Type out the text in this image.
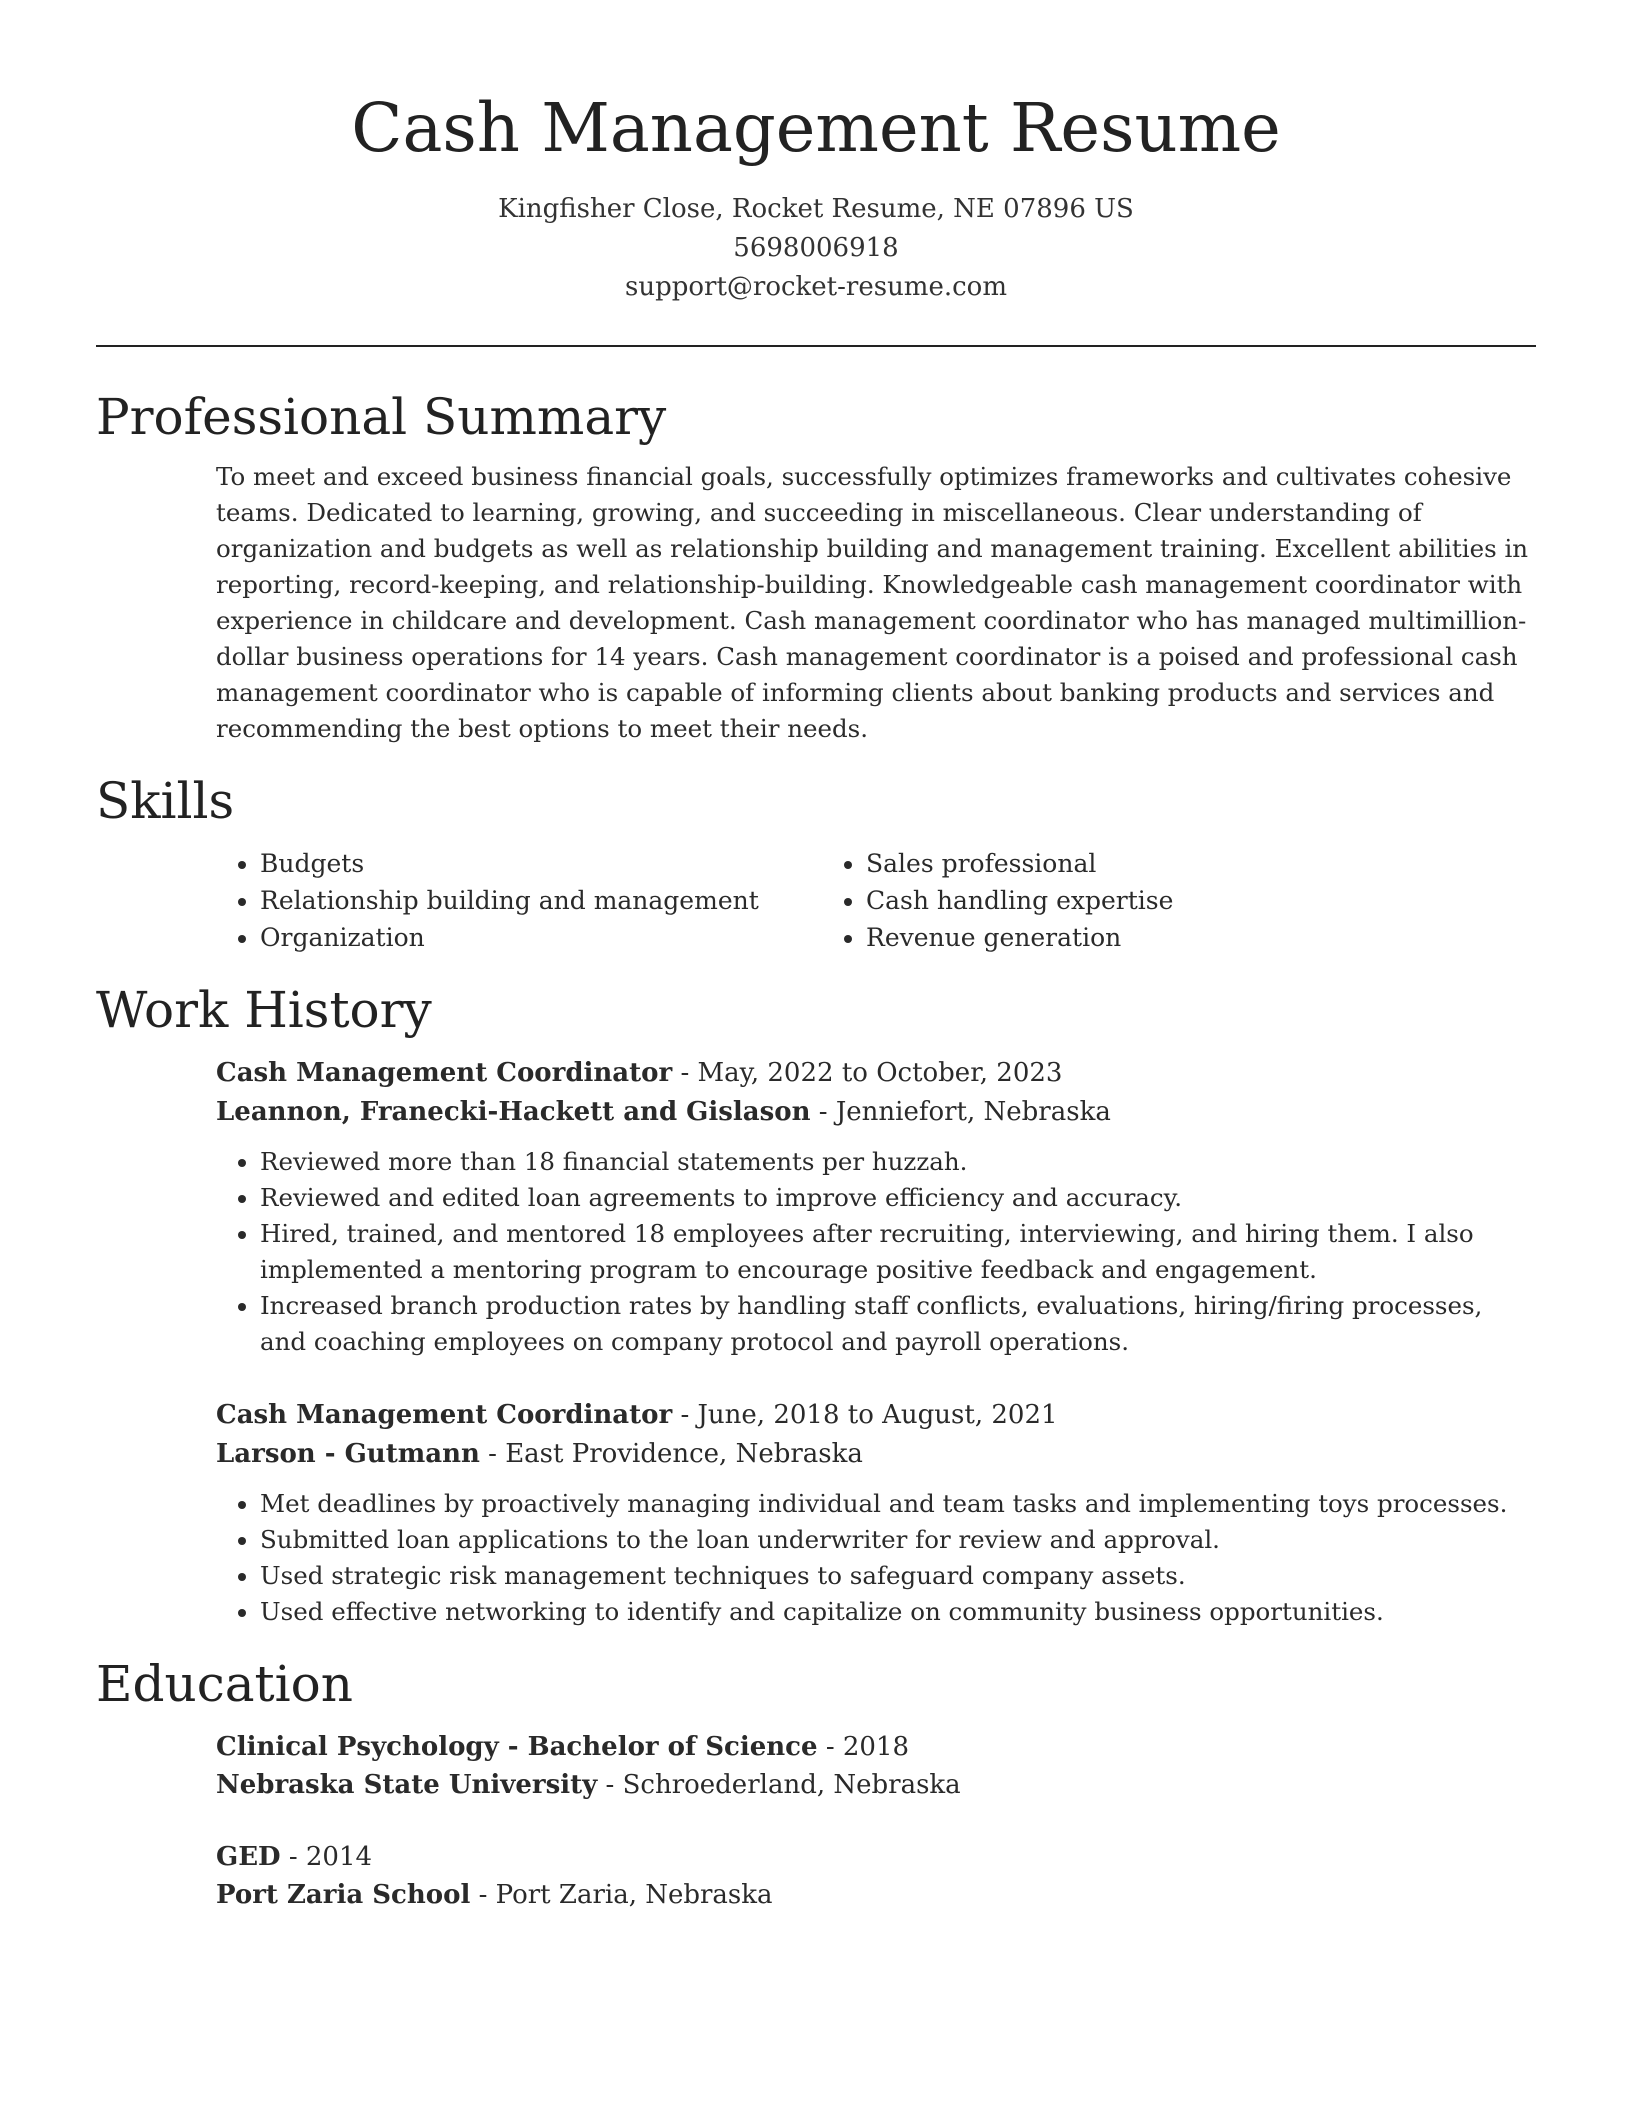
Cash Management Resume
Kingfisher Close, Rocket Resume, NE 07896 US
5698006918
support@rocket-resume.com
Professional Summary

To meet and exceed business financial goals, successfully optimizes frameworks and cultivates cohesive teams. Dedicated to learning, growing, and succeeding in miscellaneous. Clear understanding of organization and budgets as well as relationship building and management training. Excellent abilities in reporting, record-keeping, and relationship-building. Knowledgeable cash management coordinator with experience in childcare and development. Cash management coordinator who has managed multimillion-dollar business operations for 14 years. Cash management coordinator is a poised and professional cash management coordinator who is capable of informing clients about banking products and services and recommending the best options to meet their needs.

Skills
• Budgets
• Relationship building and management
• Organization
• Sales professional
• Cash handling expertise
• Revenue generation
Work History
Cash Management Coordinator - May, 2022 to October, 2023
Leannon, Franecki-Hackett and Gislason - Jenniefort, Nebraska
• Reviewed more than 18 financial statements per huzzah.
• Reviewed and edited loan agreements to improve efficiency and accuracy.
• Hired, trained, and mentored 18 employees after recruiting, interviewing, and hiring them. I also implemented a mentoring program to encourage positive feedback and engagement.
• Increased branch production rates by handling staff conflicts, evaluations, hiring/firing processes, and coaching employees on company protocol and payroll operations.
Cash Management Coordinator - June, 2018 to August, 2021
Larson - Gutmann - East Providence, Nebraska
• Met deadlines by proactively managing individual and team tasks and implementing toys processes.
• Submitted loan applications to the loan underwriter for review and approval.
• Used strategic risk management techniques to safeguard company assets.
• Used effective networking to identify and capitalize on community business opportunities.
Education
Clinical Psychology - Bachelor of Science - 2018
Nebraska State University - Schroederland, Nebraska
GED - 2014
Port Zaria School - Port Zaria, Nebraska
